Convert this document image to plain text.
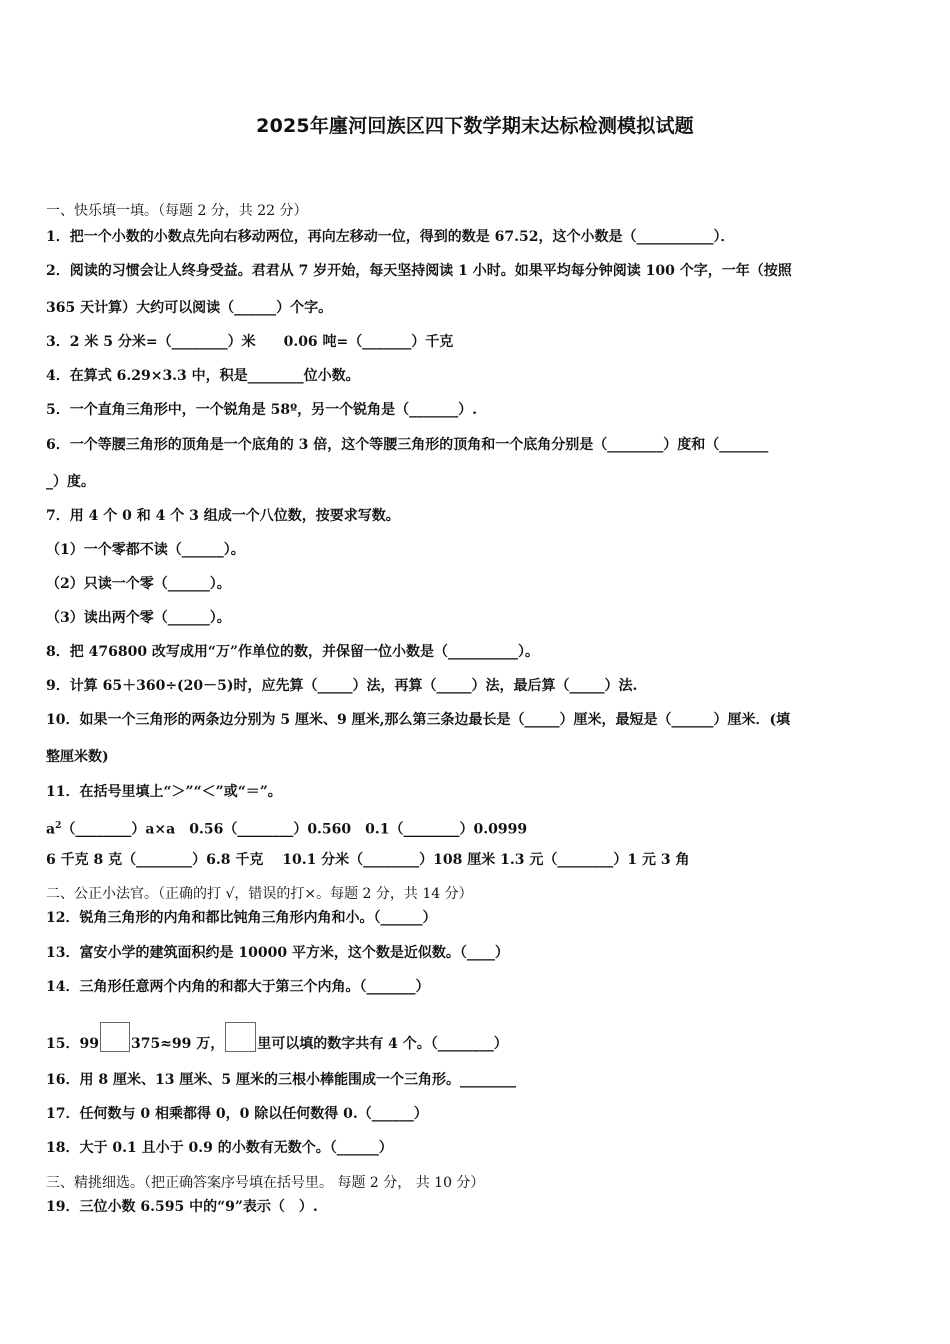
2025年廛河回族区四下数学期末达标检测模拟试题
一、快乐填一填。（每题 2 分，共 22 分）
1．把一个小数的小数点先向右移动两位，再向左移动一位，得到的数是 67.52，这个小数是（___________）．
2．阅读的习惯会让人终身受益。君君从 7 岁开始，每天坚持阅读 1 小时。如果平均每分钟阅读 100 个字，一年（按照
365 天计算）大约可以阅读（______）个字。
3．2 米 5 分米=（________）米　　0.06 吨=（_______）千克
4．在算式 6.29×3.3 中，积是________位小数。
5．一个直角三角形中，一个锐角是 58º，另一个锐角是（_______）.
6．一个等腰三角形的顶角是一个底角的 3 倍，这个等腰三角形的顶角和一个底角分别是（________）度和（_______
_）度。
7．用 4 个 0 和 4 个 3 组成一个八位数，按要求写数。
（1）一个零都不读（______）。
（2）只读一个零（______）。
（3）读出两个零（______）。
8．把 476800 改写成用“万”作单位的数，并保留一位小数是（__________）。
9．计算 65＋360÷(20－5)时，应先算（_____）法，再算（_____）法，最后算（_____）法.
10．如果一个三角形的两条边分别为 5 厘米、9 厘米,那么第三条边最长是（_____）厘米，最短是（______）厘米．(填
整厘米数)
11．在括号里填上“＞”“＜”或“＝”。
$a^2(\_\_\_\_\_\_\_\_)a\times a$　0.56（________）0.560　0.1（________）0.0999
6 千克 8 克（________）6.8 千克　 10.1 分米（________）108 厘米 1.3 元（________）1 元 3 角
二、公正小法官。（正确的打 √，错误的打×。每题 2 分，共 14 分）
12．锐角三角形的内角和都比钝角三角形内角和小。（______）
13．富安小学的建筑面积约是 10000 平方米，这个数是近似数。（____）
14．三角形任意两个内角的和都大于第三个内角。（_______）
15．99 375≈99 万， 里可以填的数字共有 4 个。（________）
16．用 8 厘米、13 厘米、5 厘米的三根小棒能围成一个三角形。________
17．任何数与 0 相乘都得 0，0 除以任何数得 0.（______）
18．大于 0.1 且小于 0.9 的小数有无数个。（______）
三、精挑细选。（把正确答案序号填在括号里。 每题 2 分， 共 10 分）
19．三位小数 6.595 中的“9”表示（　）.
